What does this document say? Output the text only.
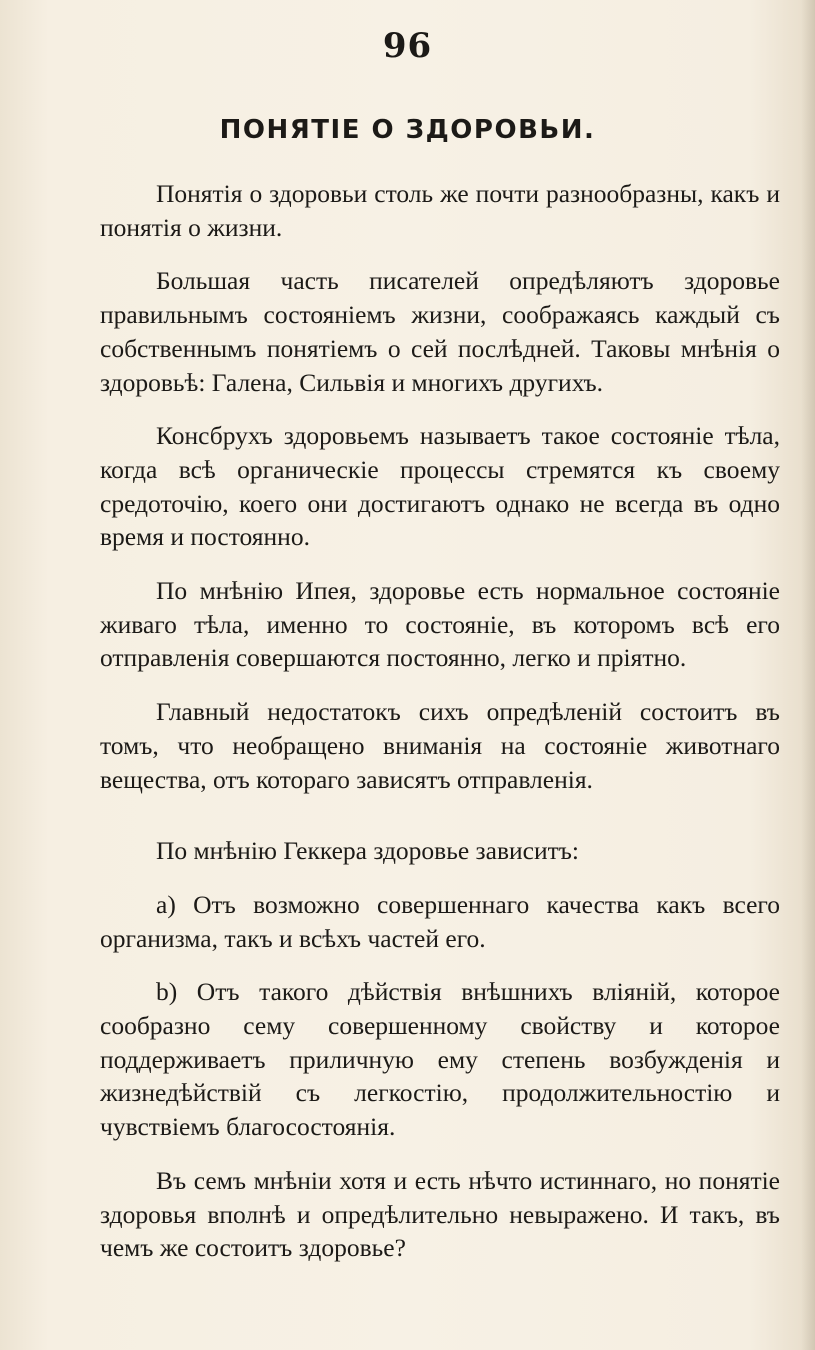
96
ПОНЯТІЕ О ЗДОРОВЬИ.

Понятія о здоровьи столь же почти разнообразны, какъ и понятія о жизни.

Большая часть писателей опредѣляютъ здоровье правильнымъ состояніемъ жизни, соображаясь каждый съ собственнымъ понятіемъ о сей послѣдней. Таковы мнѣнія о здоровьѣ: Галена, Сильвія и многихъ другихъ.

Консбрухъ здоровьемъ называетъ такое состояніе тѣла, когда всѣ органическіе процессы стремятся къ своему средоточію, коего они достигаютъ однако не всегда въ одно время и постоянно.

По мнѣнію Ипея, здоровье есть нормальное состояніе живаго тѣла, именно то состояніе, въ которомъ всѣ его отправленія совершаются постоянно, легко и пріятно.

Главный недостатокъ сихъ опредѣленій состоитъ въ томъ, что необращено вниманія на состояніе животнаго вещества, отъ котораго зависятъ отправленія.

По мнѣнію Геккера здоровье зависитъ:

a) Отъ возможно совершеннаго качества какъ всего организма, такъ и всѣхъ частей его.

b) Отъ такого дѣйствія внѣшнихъ вліяній, которое сообразно сему совершенному свойству и которое поддерживаетъ приличную ему степень возбужденія и жизнедѣйствій съ легкостію, продолжительностію и чувствіемъ благосостоянія.

Въ семъ мнѣніи хотя и есть нѣчто истиннаго, но понятіе здоровья вполнѣ и опредѣлительно невыражено. И такъ, въ чемъ же состоитъ здоровье?
